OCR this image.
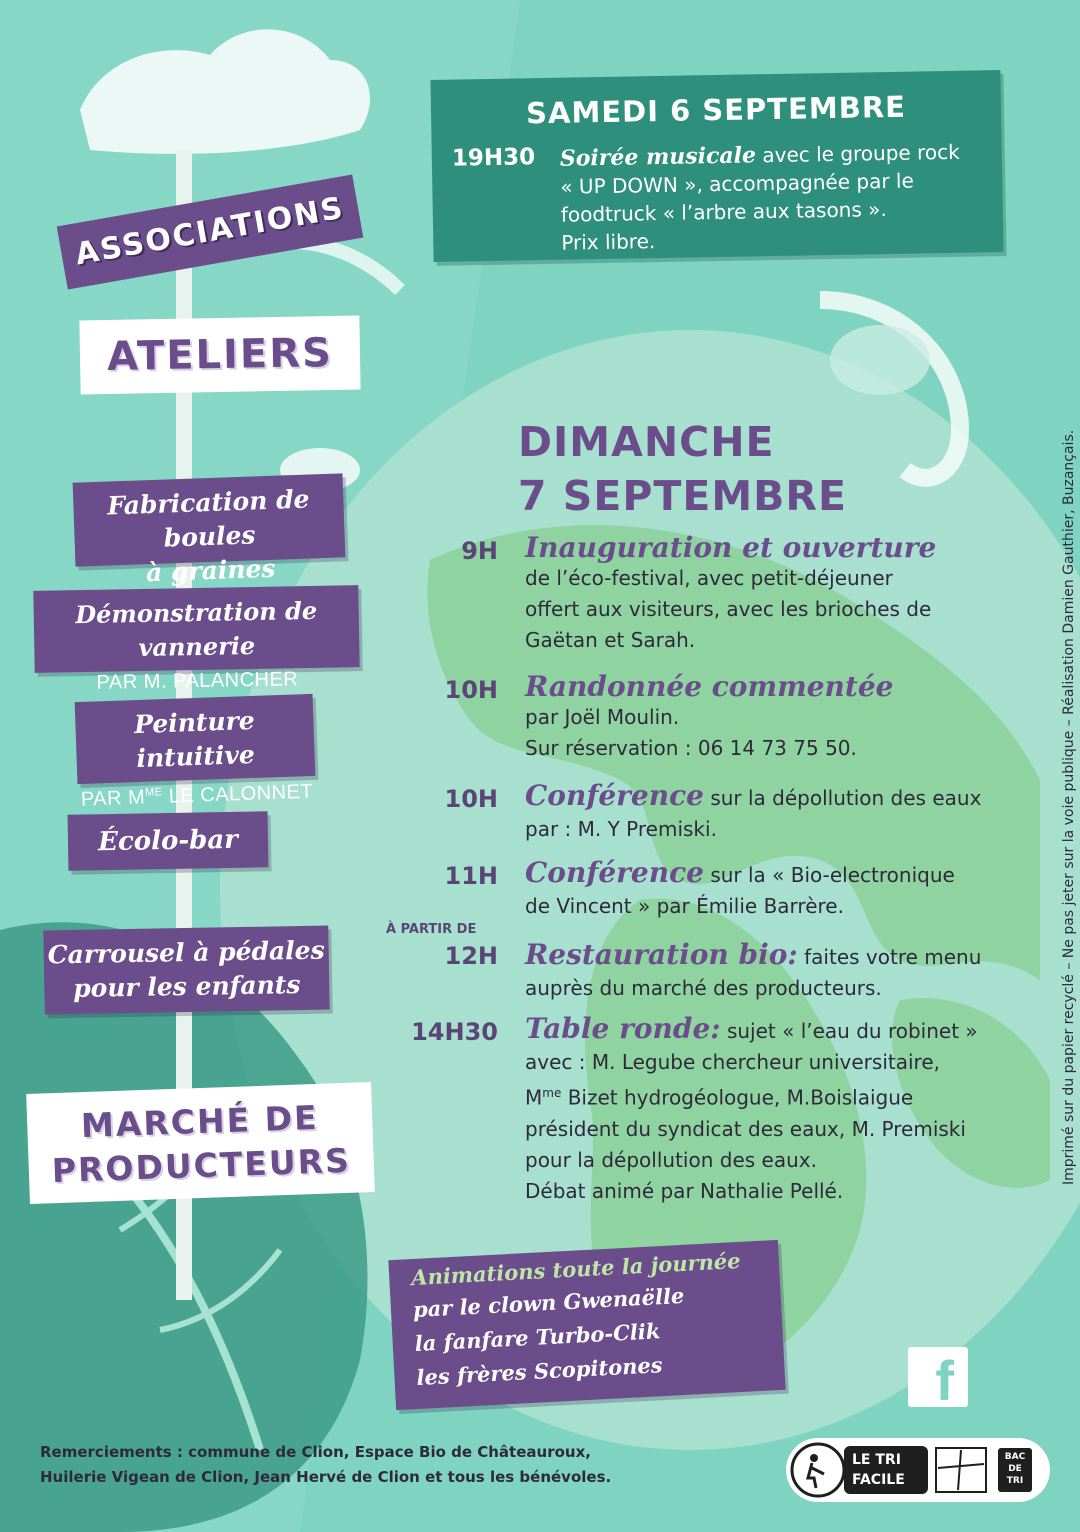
ASSOCIATIONS
ATELIERS
Fabrication de boules
à graines
Démonstration de vannerie
PAR M. PALANCHER
Peinture intuitive
PAR $M^{ME}$ LE CALONNET
Écolo-bar
Carrousel à pédales
pour les enfants
MARCHÉ DE
PRODUCTEURS
SAMEDI 6 SEPTEMBRE
19H30 Soirée musicale avec le groupe rock
« UP DOWN », accompagnée par le
foodtruck « l’arbre aux tasons ».
Prix libre.
DIMANCHE
7 SEPTEMBRE
9H Inauguration et ouverture
de l’éco-festival, avec petit-déjeuner
offert aux visiteurs, avec les brioches de
Gaëtan et Sarah.
10H Randonnée commentée
par Joël Moulin.
Sur réservation : 06 14 73 75 50.
10H Conférence sur la dépollution des eaux
par : M. Y Premiski.
11H Conférence sur la « Bio-electronique
de Vincent » par Émilie Barrère.
À PARTIR DE
12H Restauration bio: faites votre menu
auprès du marché des producteurs.
14H30 Table ronde: sujet « l’eau du robinet »
avec : M. Legube chercheur universitaire,
$M^{me}$ Bizet hydrogéologue, M.Boislaigue
président du syndicat des eaux, M. Premiski
pour la dépollution des eaux.
Débat animé par Nathalie Pellé.
Animations toute la journée
par le clown Gwenaëlle
la fanfare Turbo-Clik
les frères Scopitones	f
Remerciements : commune de Clion, Espace Bio de Châteauroux,
Huilerie Vigean de Clion, Jean Hervé de Clion et tous les bénévoles.
LE TRI
FACILE
BAC
DE
TRI
Imprimé sur du papier recyclé – Ne pas jeter sur la voie publique – Réalisation Damien Gauthier, Buzançais.
